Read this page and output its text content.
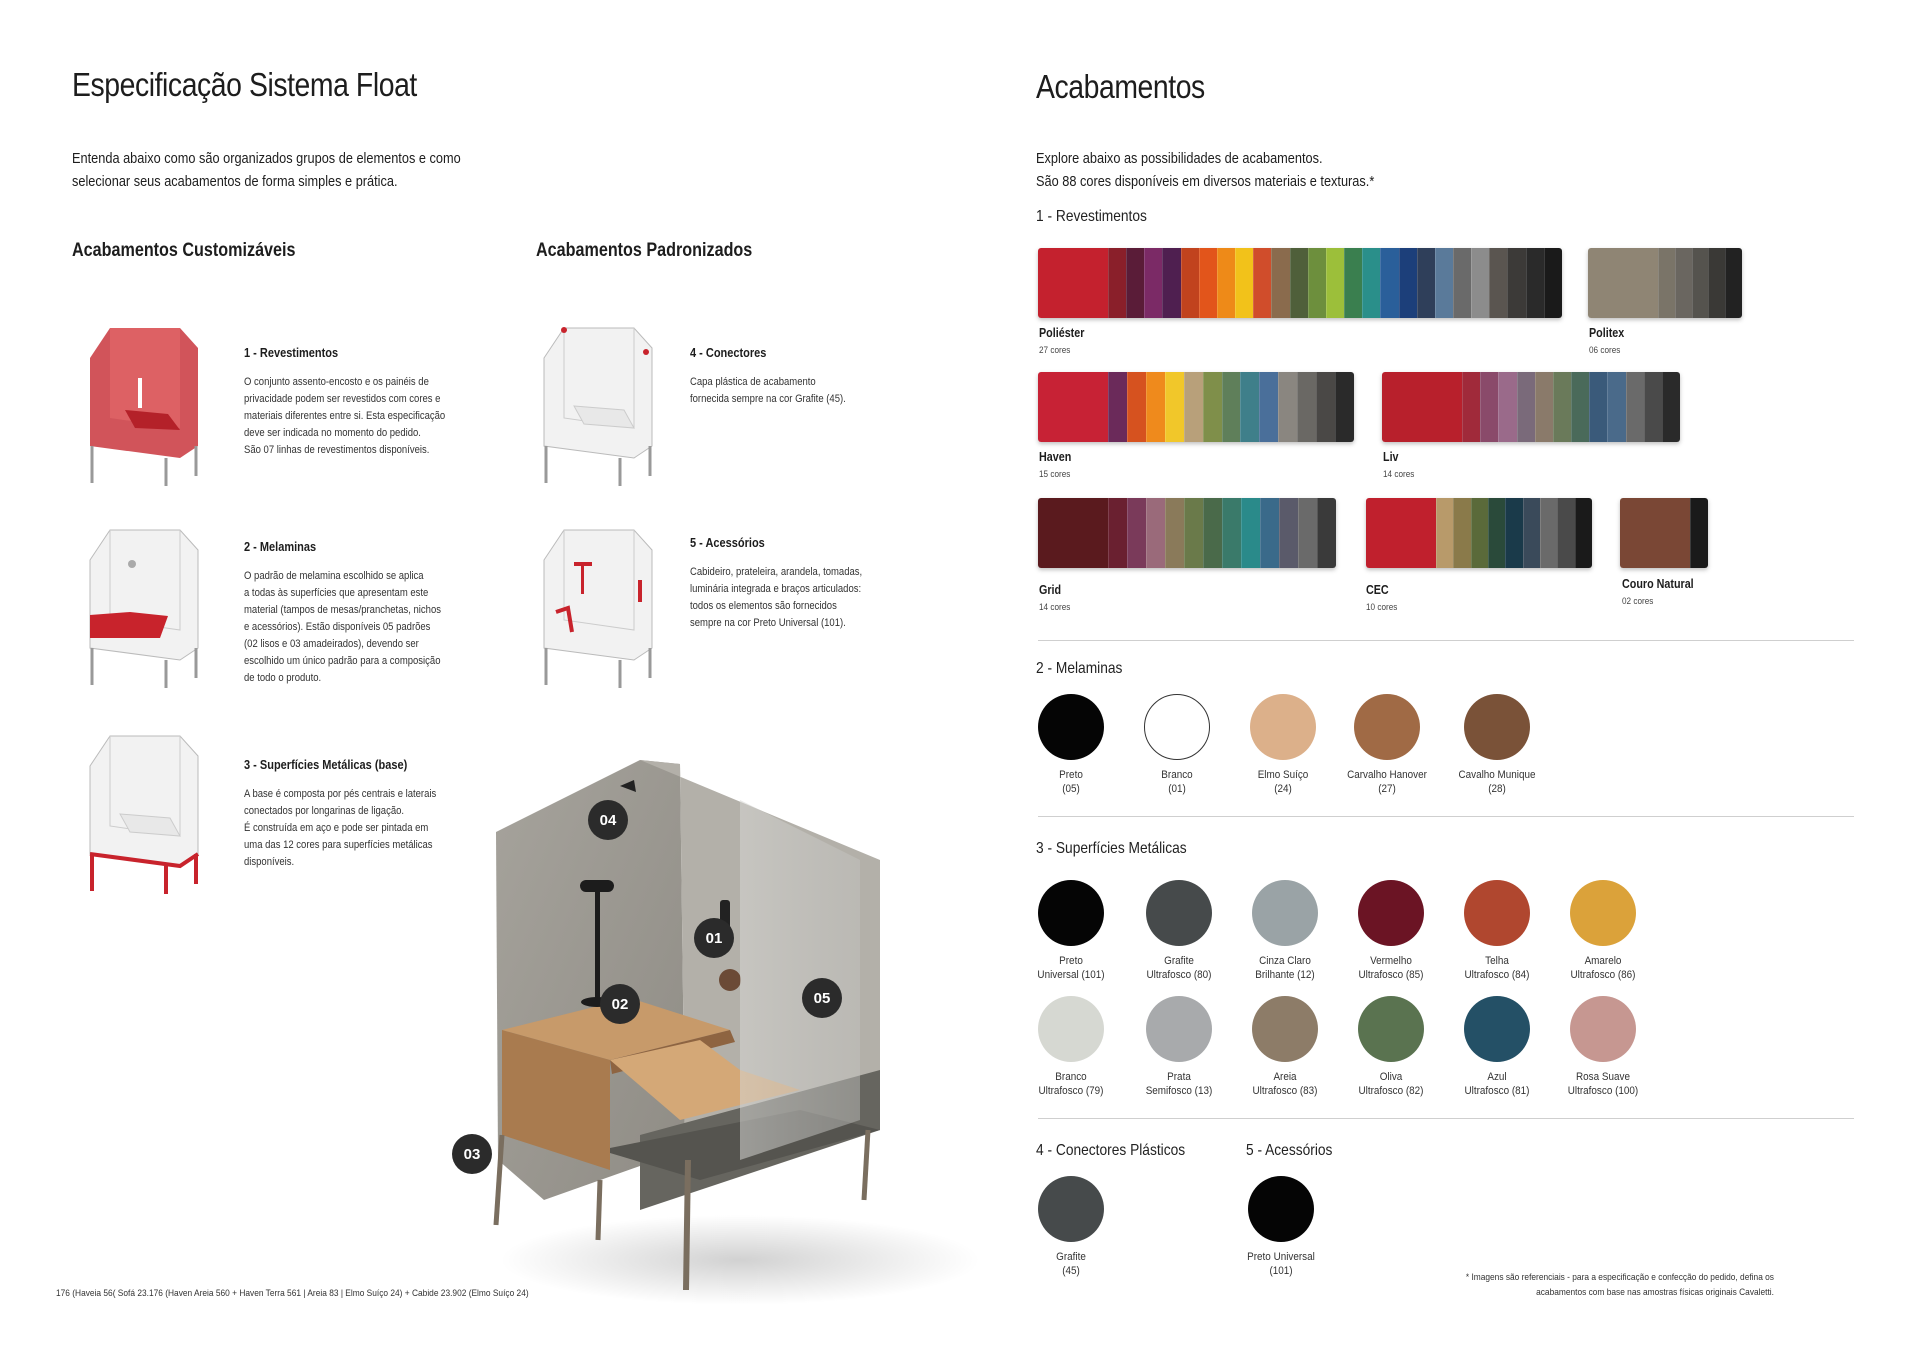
Especificação Sistema Float
Entenda abaixo como são organizados grupos de elementos e como
selecionar seus acabamentos de forma simples e prática.
Acabamentos Customizáveis	Acabamentos Padronizados
1 - Revestimentos
O conjunto assento-encosto e os painéis de
privacidade podem ser revestidos com cores e
materiais diferentes entre si. Esta especificação
deve ser indicada no momento do pedido.
São 07 linhas de revestimentos disponíveis.
2 - Melaminas
O padrão de melamina escolhido se aplica
a todas às superfícies que apresentam este
material (tampos de mesas/pranchetas, nichos
e acessórios). Estão disponíveis 05 padrões
(02 lisos e 03 amadeirados), devendo ser
escolhido um único padrão para a composição
de todo o produto.
3 - Superfícies Metálicas (base)
A base é composta por pés centrais e laterais
conectados por longarinas de ligação.
É construída em aço e pode ser pintada em
uma das 12 cores para superfícies metálicas
disponíveis.
4 - Conectores
Capa plástica de acabamento
fornecida sempre na cor Grafite (45).
5 - Acessórios
Cabideiro, prateleira, arandela, tomadas,
luminária integrada e braços articulados:
todos os elementos são fornecidos
sempre na cor Preto Universal (101).
04
01
02	05
03
176 (Haveia 56( Sofá 23.176 (Haven Areia 560 + Haven Terra 561 | Areia 83 | Elmo Suíço 24) + Cabide 23.902 (Elmo Suíço 24)
Acabamentos
Explore abaixo as possibilidades de acabamentos.
São 88 cores disponíveis em diversos materiais e texturas.*
1 - Revestimentos
Poliéster
27 cores
Politex
06 cores
Haven
15 cores
Liv
14 cores
Grid
14 cores
CEC
10 cores
Couro Natural
02 cores
2 - Melaminas
3 - Superfícies Metálicas
4 - Conectores Plásticos	5 - Acessórios
* Imagens são referenciais - para a especificação e confecção do pedido, defina os
acabamentos com base nas amostras físicas originais Cavaletti.
Preto
(05)
Branco
(01)
Elmo Suíço
(24)
Carvalho Hanover
(27)
Cavalho Munique
(28)
Preto
Universal (101)
Grafite
Ultrafosco (80)
Cinza Claro
Brilhante (12)
Vermelho
Ultrafosco (85)
Telha
Ultrafosco (84)
Amarelo
Ultrafosco (86)
Branco
Ultrafosco (79)
Prata
Semifosco (13)
Areia
Ultrafosco (83)
Oliva
Ultrafosco (82)
Azul
Ultrafosco (81)
Rosa Suave
Ultrafosco (100)
Grafite
(45)
Preto Universal
(101)
